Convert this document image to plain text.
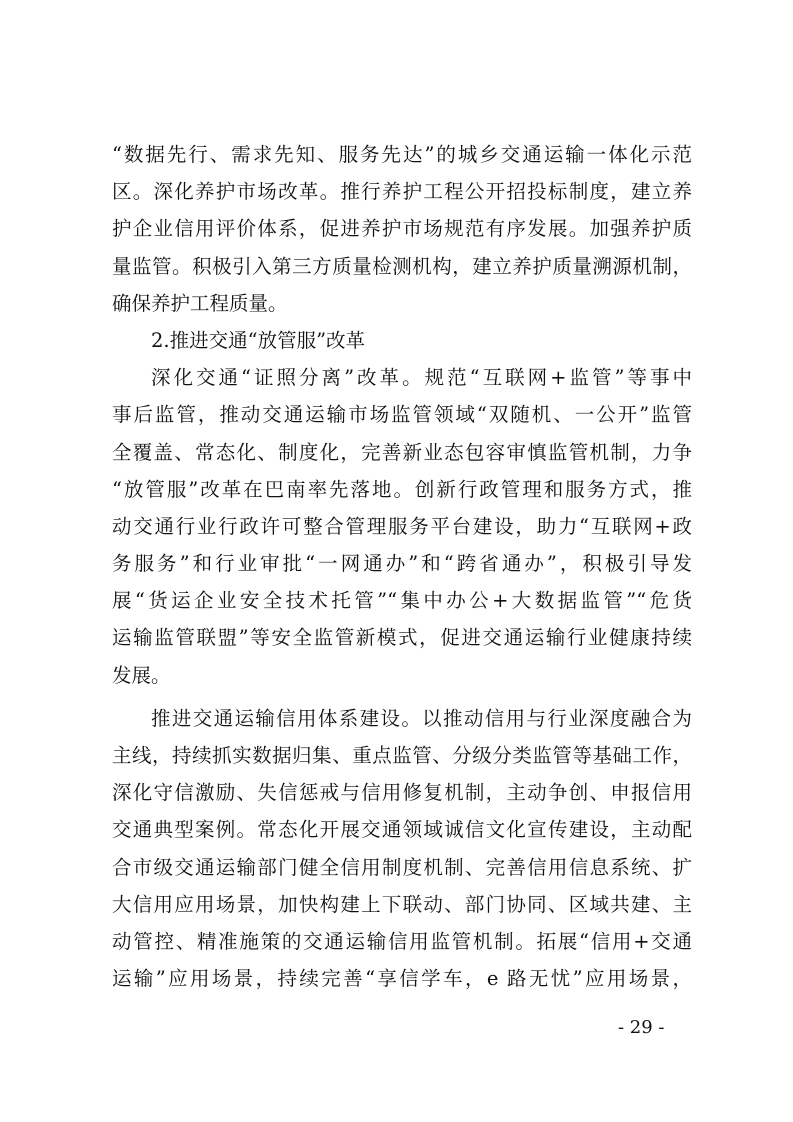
“数据先行、需求先知、服务先达”的城乡交通运输一体化示范
区。深化养护市场改革。推行养护工程公开招投标制度，建立养
护企业信用评价体系，促进养护市场规范有序发展。加强养护质
量监管。积极引入第三方质量检测机构，建立养护质量溯源机制，
确保养护工程质量。
2.推进交通“放管服”改革
深化交通“证照分离”改革。规范“互联网+监管”等事中
事后监管，推动交通运输市场监管领域“双随机、一公开”监管
全覆盖、常态化、制度化，完善新业态包容审慎监管机制，力争
“放管服”改革在巴南率先落地。创新行政管理和服务方式，推
动交通行业行政许可整合管理服务平台建设，助力“互联网+政
务服务”和行业审批“一网通办”和“跨省通办”，积极引导发
展“货运企业安全技术托管”“集中办公+大数据监管”“危货
运输监管联盟”等安全监管新模式，促进交通运输行业健康持续
发展。
推进交通运输信用体系建设。以推动信用与行业深度融合为
主线，持续抓实数据归集、重点监管、分级分类监管等基础工作，
深化守信激励、失信惩戒与信用修复机制，主动争创、申报信用
交通典型案例。常态化开展交通领域诚信文化宣传建设，主动配
合市级交通运输部门健全信用制度机制、完善信用信息系统、扩
大信用应用场景，加快构建上下联动、部门协同、区域共建、主
动管控、精准施策的交通运输信用监管机制。拓展“信用+交通
运输”应用场景，持续完善“享信学车，e 路无忧”应用场景，
- 29 -
